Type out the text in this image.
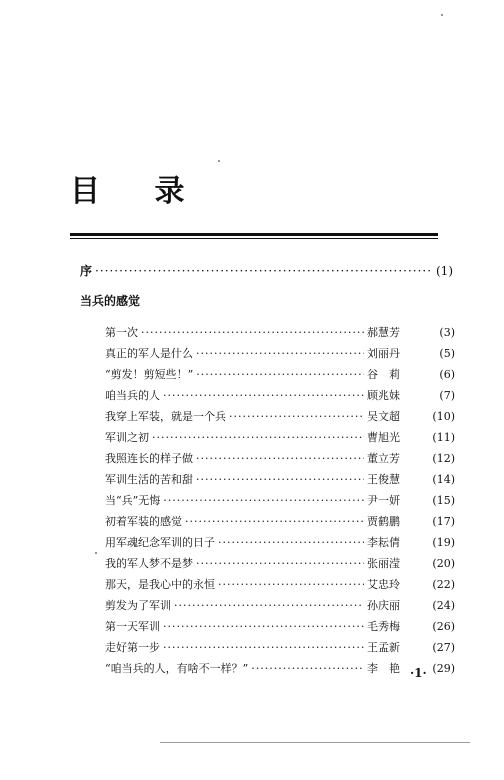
目 录
序 ·····	(1)
当兵的感觉
第一次 ·····	郝慧芳	(3)
真正的军人是什么 ·····	刘丽丹	(5)
“剪发！剪短些！” ·····	谷　莉	(6)
咱当兵的人 ·····	顾兆妹	(7)
我穿上军装，就是一个兵 ·····	吴文超	(10)
军训之初 ·····	曹旭光	(11)
我照连长的样子做 ·····	董立芳	(12)
军训生活的苦和甜 ·····	王俊慧	(14)
当“兵”无悔 ·····	尹一妍	(15)
初着军装的感觉 ·····	贾鹤鹏	(17)
用军魂纪念军训的日子 ·····	李耘倩	(19)
我的军人梦不是梦 ·····	张丽滢	(20)
那天，是我心中的永恒 ·····	艾忠玲	(22)
剪发为了军训 ·····	孙庆丽	(24)
第一天军训 ·····	毛秀梅	(26)
走好第一步 ·····	王孟新	(27)
“咱当兵的人，有啥不一样？” ·····	李　艳	(29)
·1·
